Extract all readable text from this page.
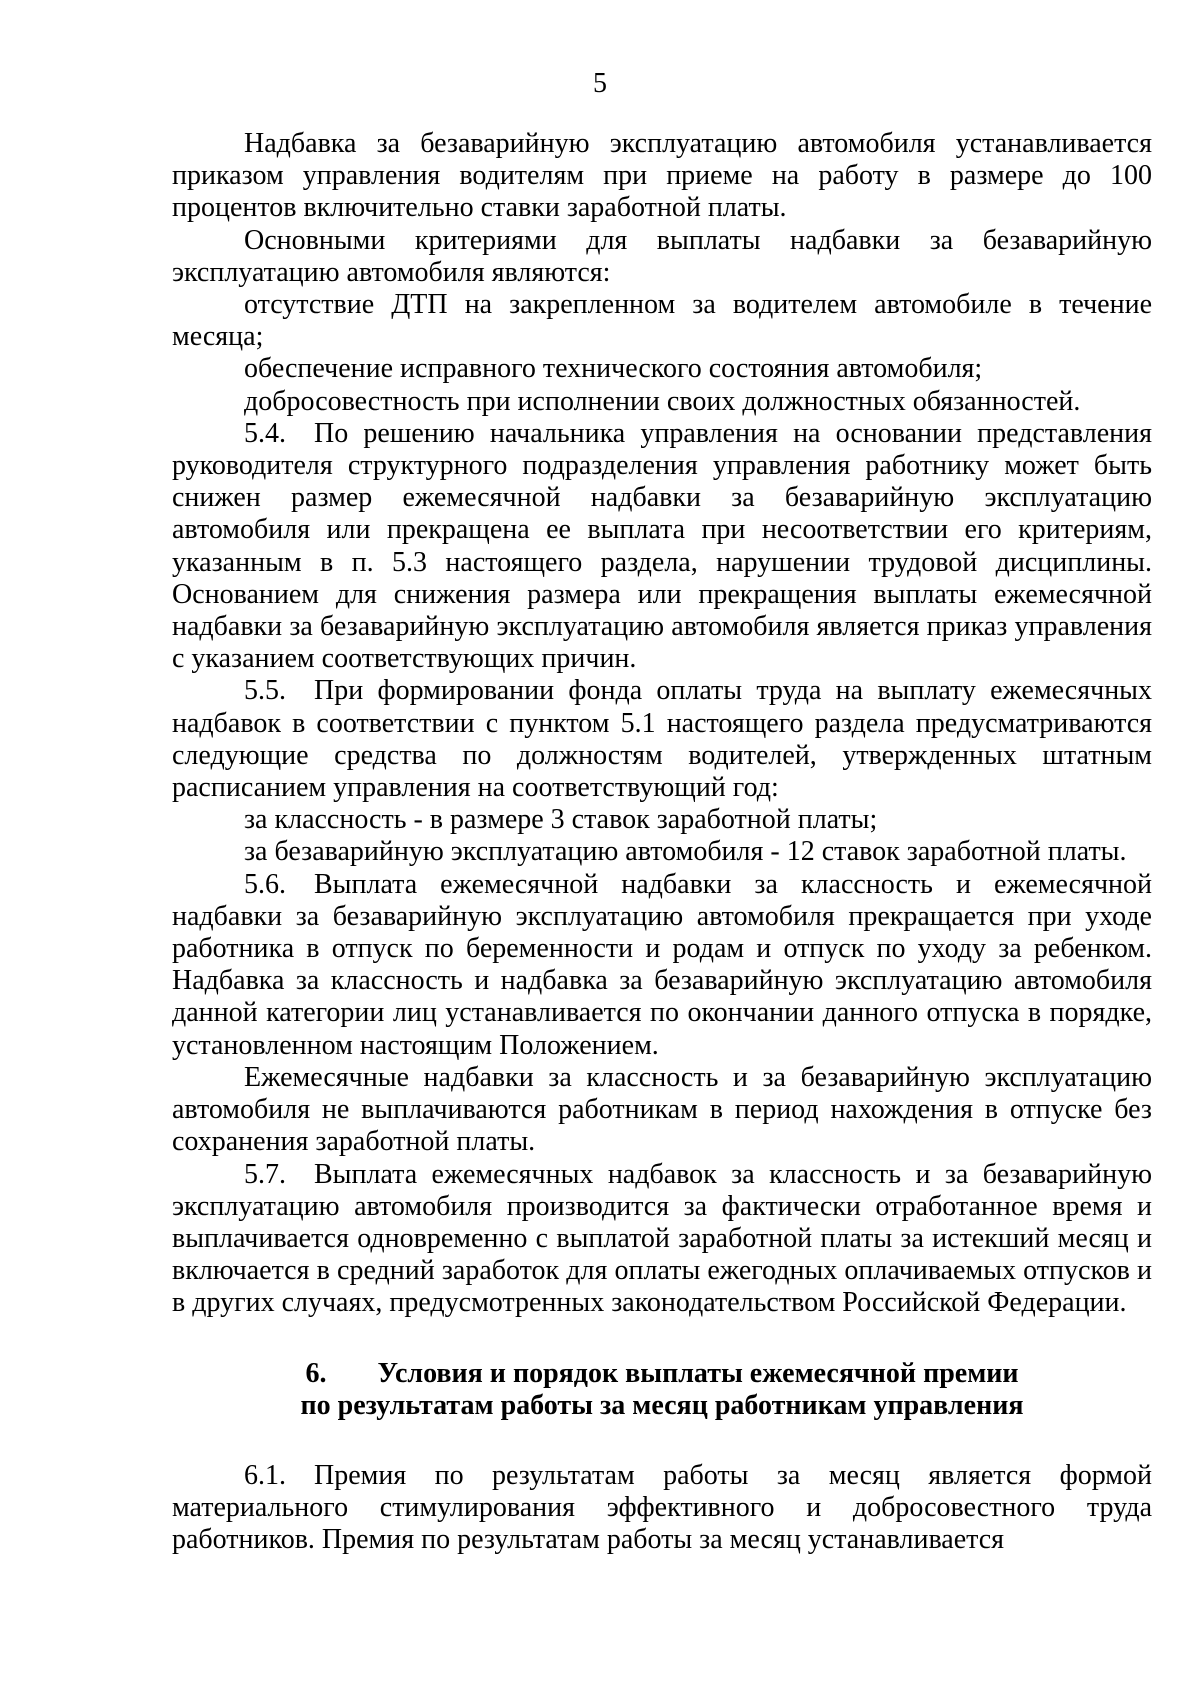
5

Надбавка за безаварийную эксплуатацию автомобиля устанавливается приказом управления водителям при приеме на работу в размере до 100 процентов включительно ставки заработной платы.

Основными критериями для выплаты надбавки за безаварийную эксплуатацию автомобиля являются:

отсутствие ДТП на закрепленном за водителем автомобиле в течение месяца;

обеспечение исправного технического состояния автомобиля;

добросовестность при исполнении своих должностных обязанностей.

5.4. По решению начальника управления на основании представления руководителя структурного подразделения управления работнику может быть снижен размер ежемесячной надбавки за безаварийную эксплуатацию автомобиля или прекращена ее выплата при несоответствии его критериям, указанным в п. 5.3 настоящего раздела, нарушении трудовой дисциплины. Основанием для снижения размера или прекращения выплаты ежемесячной надбавки за безаварийную эксплуатацию автомобиля является приказ управления с указанием соответствующих причин.

5.5. При формировании фонда оплаты труда на выплату ежемесячных надбавок в соответствии с пунктом 5.1 настоящего раздела предусматриваются следующие средства по должностям водителей, утвержденных штатным расписанием управления на соответствующий год:

за классность - в размере 3 ставок заработной платы;

за безаварийную эксплуатацию автомобиля - 12 ставок заработной платы.

5.6. Выплата ежемесячной надбавки за классность и ежемесячной надбавки за безаварийную эксплуатацию автомобиля прекращается при уходе работника в отпуск по беременности и родам и отпуск по уходу за ребенком. Надбавка за классность и надбавка за безаварийную эксплуатацию автомобиля данной категории лиц устанавливается по окончании данного отпуска в порядке, установленном настоящим Положением.

Ежемесячные надбавки за классность и за безаварийную эксплуатацию автомобиля не выплачиваются работникам в период нахождения в отпуске без сохранения заработной платы.

5.7. Выплата ежемесячных надбавок за классность и за безаварийную эксплуатацию автомобиля производится за фактически отработанное время и выплачивается одновременно с выплатой заработной платы за истекший месяц и включается в средний заработок для оплаты ежегодных оплачиваемых отпусков и в других случаях, предусмотренных законодательством Российской Федерации.

6. Условия и порядок выплаты ежемесячной премии
по результатам работы за месяц работникам управления

6.1. Премия по результатам работы за месяц является формой материального стимулирования эффективного и добросовестного труда работников. Премия по результатам работы за месяц устанавливается
